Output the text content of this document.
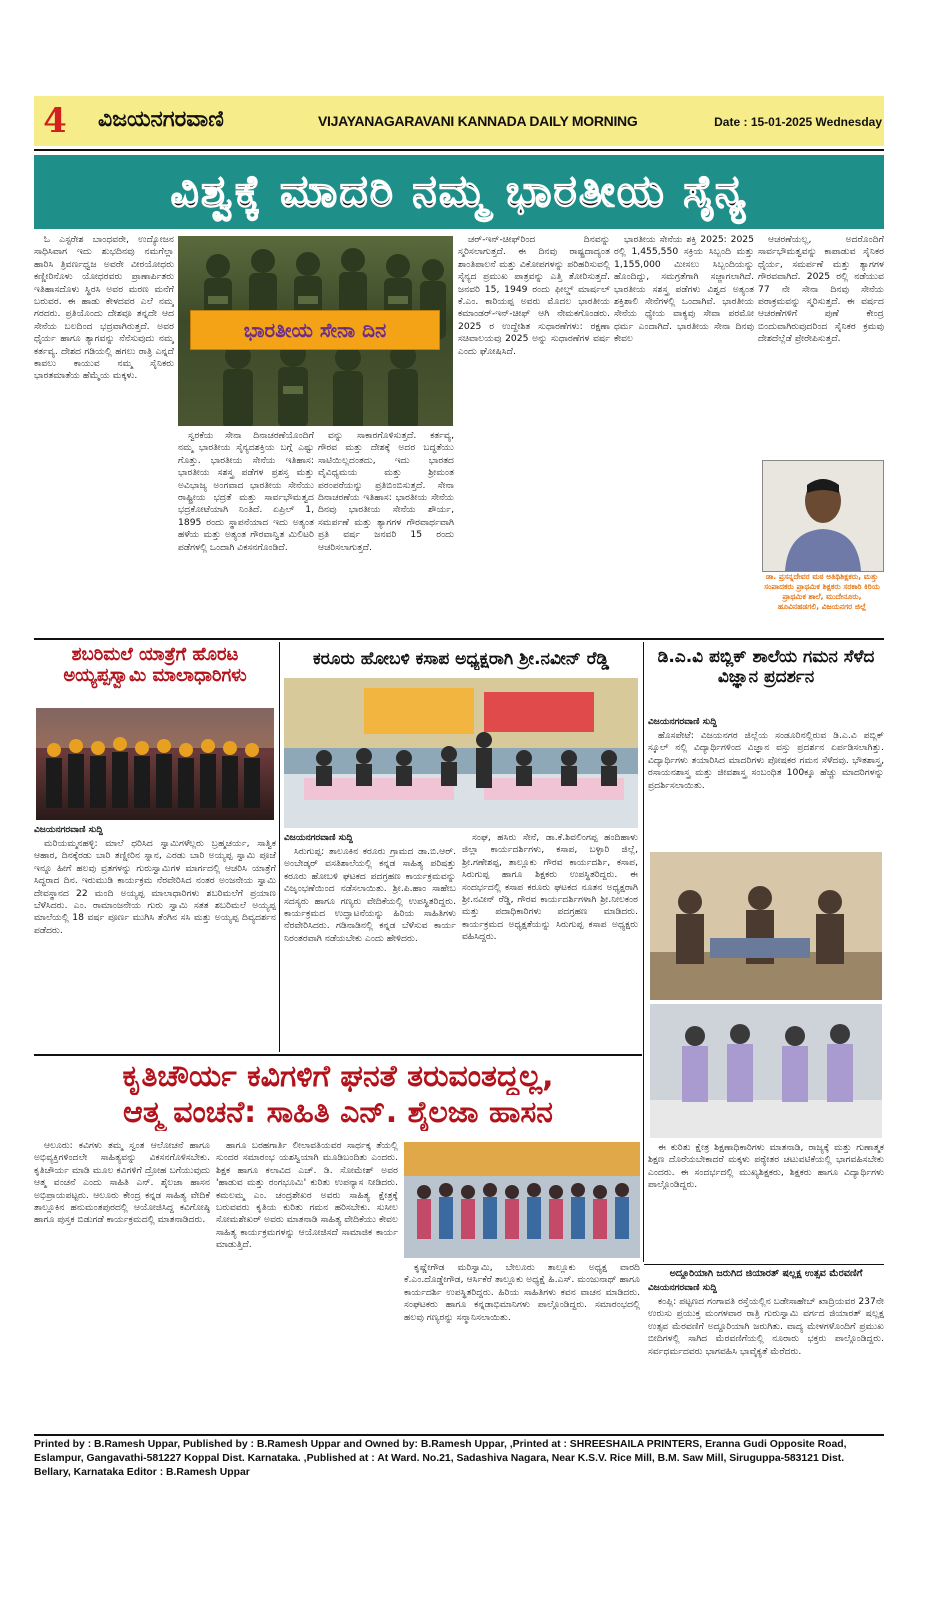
4	ವಿಜಯನಗರವಾಣಿ	VIJAYANAGARAVANI KANNADA DAILY MORNING	Date : 15-01-2025 Wednesday
ವಿಶ್ವಕ್ಕೆ ಮಾದರಿ ನಮ್ಮ ಭಾರತೀಯ ಸೈನ್ಯ

ಓ ಎಸ್ಟರೇಶ ಬಾಂಧವರೇ, ಉದ್ಯೋಜನ ಸಾಧಿಸಿವಾಗ ಇದು ಶುಭದಿನವು ನಮಗೆಲ್ಲಾ ಹಾರಿಸಿ ತ್ರಿವರ್ಣಧ್ವಜ ಅವರೇ ವೀರಯೋಧರು ಕಣ್ಣೀರಿನೊಳು ಯೋಧರವರು ಪ್ರಾಣಾರ್ಪಿತರು ಇತಿಹಾಸದೊಳು ಸ್ಥಿರಸಿ ಅವರ ಮರಣ ಮನೆಗೆ ಬರುವರ. ಈ ಹಾಡು ಕೇಳದವರ ಎಲೆ ನಮ್ಮ ಗರದರು. ಪ್ರತಿಯೊಂದು ದೇಶವೂ ತನ್ನದೇ ಆದ ಸೇನೆಯ ಬಲದಿಂದ ಭದ್ರವಾಗಿರುತ್ತದೆ. ಅವರ ಧೈರ್ಯ ಹಾಗೂ ತ್ಯಾಗವನ್ನು ನೆನೆಸುವುದು ನಮ್ಮ ಕರ್ತವ್ಯ. ದೇಶದ ಗಡಿಯಲ್ಲಿ ಹಗಲು ರಾತ್ರಿ ಎನ್ನದೆ ಕಾವಲು ಕಾಯುವ ನಮ್ಮ ಸೈನಿಕರು ಭಾರತಮಾತೆಯ ಹೆಮ್ಮೆಯ ಮಕ್ಕಳು.

ಭಾರತೀಯ ಸೇನಾ ದಿನ

ಸ್ವರಕೆಯ ಸೇನಾ ದಿನಾಚರಣೆಯೊಂದಿಗೆ ನಮ್ಮ ಭಾರತೀಯ ಸೈನ್ಯದಶಕ್ತಿಯ ಬಗ್ಗೆ ಎಷ್ಟು ಗೊತ್ತು. ಭಾರತೀಯ ಸೇನೆಯ ಇತಿಹಾಸ: ಭಾರತೀಯ ಸಶಸ್ತ್ರ ಪಡೆಗಳ ಪ್ರಶಸ್ತ ಮತ್ತು ಅವಿಭಾಜ್ಯ ಅಂಗವಾದ ಭಾರತೀಯ ಸೇನೆಯು ರಾಷ್ಟ್ರೀಯ ಭದ್ರತೆ ಮತ್ತು ಸಾರ್ವಭೌಮತ್ವದ ಭದ್ರಕೋಟೆಯಾಗಿ ನಿಂತಿದೆ. ಏಪ್ರಿಲ್ 1, 1895 ರಂದು ಸ್ಥಾಪನೆಯಾದ ಇದು ಅತ್ಯಂತ ಹಳೆಯ ಮತ್ತು ಅತ್ಯಂತ ಗೌರವಾನ್ವಿತ ಮಿಲಿಟರಿ ಪಡೆಗಳಲ್ಲಿ ಒಂದಾಗಿ ವಿಕಸನಗೊಂಡಿದೆ.

ವನ್ನು ಸಾಕಾರಗೊಳಿಸುತ್ತದೆ. ಕರ್ತವ್ಯ, ಗೌರವ ಮತ್ತು ದೇಶಕ್ಕೆ ಅದರ ಬದ್ಧತೆಯು ಸಾಟಿಯಿಲ್ಲದಂತದು, ಇದು ಭಾರತದ ವೈವಿಧ್ಯಮಯ ಮತ್ತು ಶ್ರೀಮಂತ ಪರಂಪರೆಯನ್ನು ಪ್ರತಿಬಿಂಬಿಸುತ್ತದೆ. ಸೇನಾ ದಿನಾಚರಣೆಯ ಇತಿಹಾಸ: ಭಾರತೀಯ ಸೇನೆಯ ದಿನವು ಭಾರತೀಯ ಸೇನೆಯ ಶೌರ್ಯ, ಸಮರ್ಪಣೆ ಮತ್ತು ತ್ಯಾಗಗಳ ಗೌರವಾರ್ಥವಾಗಿ ಪ್ರತಿ ವರ್ಷ ಜನವರಿ 15 ರಂದು ಆಚರಿಸಲಾಗುತ್ತದೆ.

ಚರ್-ಇನ್-ಚೀಫ್‌ರಿಂದ ದಿನವನ್ನು ಸ್ಮರಿಸಲಾಗುತ್ತದೆ. ಈ ದಿನವು ರಾಷ್ಟ್ರದಾದ್ಯಂತ ಶಾಂತಿಪಾಲನೆ ಮತ್ತು ವಿಕೋಪಗಳನ್ನು ಪರಿಹರಿಸುವಲ್ಲಿ ಸೈನ್ಯದ ಪ್ರಮುಖ ಪಾತ್ರವನ್ನು ಎತ್ತಿ ತೋರಿಸುತ್ತದೆ. ಜನವರಿ 15, 1949 ರಂದು ಫೀಲ್ಡ್ ಮಾರ್ಷಲ್ ಕೆ.ಎಂ. ಕಾರಿಯಪ್ಪ ಅವರು ಮೊದಲ ಭಾರತೀಯ ಕಮಾಂಡರ್-ಇನ್-ಚೀಫ್ ಆಗಿ ನೇಮಕಗೊಂಡರು. 2025 ರ ಉದ್ದೇಶಿತ ಸುಧಾರಣೆಗಳು: ರಕ್ಷಣಾ ಸಚಿವಾಲಯವು 2025 ಅನ್ನು ಸುಧಾರಣೆಗಳ ವರ್ಷ ಎಂದು ಘೋಷಿಸಿದೆ.

ಭಾರತೀಯ ಸೇನೆಯ ಶಕ್ತಿ 2025: 2025 ರಲ್ಲಿ 1,455,550 ಸಕ್ರಿಯ ಸಿಬ್ಬಂದಿ ಮತ್ತು 1,155,000 ಮೀಸಲು ಸಿಬ್ಬಂದಿಯನ್ನು ಹೊಂದಿದ್ದು, ಸಮಗ್ರತೆಗಾಗಿ ಸಜ್ಜಾಗಲಾಗಿದೆ. ಭಾರತೀಯ ಸಶಸ್ತ್ರ ಪಡೆಗಳು ವಿಶ್ವದ ಅತ್ಯಂತ ಶಕ್ತಿಶಾಲಿ ಸೇನೆಗಳಲ್ಲಿ ಒಂದಾಗಿವೆ. ಭಾರತೀಯ ಸೇನೆಯ ಧ್ಯೇಯ ವಾಕ್ಯವು ಸೇವಾ ಪರಮೋ ಧರ್ಮ ಎಂದಾಗಿದೆ. ಭಾರತೀಯ ಸೇನಾ ದಿನವು ಕೇವಲ

ಆಚರಣೆಯಲ್ಲ, ಅದರೊಂದಿಗೆ ಸಾರ್ವಭೌಮತ್ವವನ್ನು ಕಾಪಾಡುವ ಸೈನಿಕರ ಧೈರ್ಯ, ಸಮರ್ಪಣೆ ಮತ್ತು ತ್ಯಾಗಗಳ ಗೌರವವಾಗಿದೆ. 2025 ರಲ್ಲಿ ನಡೆಯುವ 77 ನೇ ಸೇನಾ ದಿನವು ಸೇನೆಯ ಪರಾಕ್ರಮವನ್ನು ಸ್ಮರಿಸುತ್ತದೆ. ಈ ವರ್ಷದ ಆಚರಣೆಗಳಿಗೆ ಪುಣೆ ಕೇಂದ್ರ ಬಿಂದುವಾಗಿರುವುದರಿಂದ ಸೈನಿಕರ ಕ್ರಮವು ದೇಶದೆಲ್ಲೆಡೆ ಪ್ರೇರೇಪಿಸುತ್ತದೆ.

ಡಾ. ಪ್ರಸನ್ನದೇವರ ಮಠ ಅತಿಥಿಶಿಕ್ಷಕರು, ಮತ್ತು ಸಂಪಾದಕರು ಪ್ರಾಥಮಿಕ ಶಿಕ್ಷಕರು ಸರಕಾರಿ ಕಿರಿಯ ಪ್ರಾಥಮಿಕ ಶಾಲೆ, ಮುದೇನೂರು, ಹೂವಿನಹಡಗಲಿ, ವಿಜಯನಗರ ಜಿಲ್ಲೆ
ಶಬರಿಮಲೆ ಯಾತ್ರೆಗೆ ಹೊರಟ ಅಯ್ಯಪ್ಪಸ್ವಾಮಿ ಮಾಲಾಧಾರಿಗಳು
ವಿಜಯನಗರವಾಣಿ ಸುದ್ದಿ

ಮರಿಯಮ್ಮನಹಳ್ಳಿ: ಮಾಲೆ ಧರಿಸಿದ ಸ್ವಾಮಿಗಳೆಲ್ಲರು ಬ್ರಹ್ಮಚರ್ಯ, ಸಾತ್ವಿಕ ಆಹಾರ, ದಿನಕ್ಕೆರಡು ಬಾರಿ ತಣ್ಣೀರಿನ ಸ್ನಾನ, ಎರಡು ಬಾರಿ ಅಯ್ಯಪ್ಪ ಸ್ವಾಮಿ ಪೂಜೆ ಇನ್ನೂ ಹೀಗೆ ಹಲವು ವ್ರತಗಳನ್ನು ಗುರುಸ್ವಾಮಿಗಳ ಮಾರ್ಗದಲ್ಲಿ ಆಚರಿಸಿ ಯಾತ್ರೆಗೆ ಸಿದ್ಧರಾದ ದಿನ. ಇರುಮುಡಿ ಕಾರ್ಯಕ್ರಮ ನೆರವೇರಿಸಿದ ನಂತರ ಅಂಜನೇಯ ಸ್ವಾಮಿ ದೇವಸ್ಥಾನದ 22 ಮಂದಿ ಅಯ್ಯಪ್ಪ ಮಾಲಾಧಾರಿಗಳು ಶಬರಿಮಲೆಗೆ ಪ್ರಯಾಣ ಬೆಳೆಸಿದರು. ಎಂ. ರಾಮಾಂಜನೇಯ ಗುರು ಸ್ವಾಮಿ ಸತತ ಶಬರಿಮಲೆ ಅಯ್ಯಪ್ಪ ಮಾಲೆಯಲ್ಲಿ 18 ವರ್ಷ ಪೂರ್ಣ ಮುಗಿಸಿ ತೆಂಗಿನ ಸಸಿ ಮತ್ತು ಅಯ್ಯಪ್ಪ ದಿವ್ಯದರ್ಶನ ಪಡೆದರು.

ಕರೂರು ಹೋಬಳಿ ಕಸಾಪ ಅಧ್ಯಕ್ಷರಾಗಿ ಶ್ರೀ.ನವೀನ್ ರೆಡ್ಡಿ
ವಿಜಯನಗರವಾಣಿ ಸುದ್ದಿ

ಸಿರುಗುಪ್ಪ: ತಾಲೂಕಿನ ಕರೂರು ಗ್ರಾಮದ ಡಾ.ಬಿ.ಆರ್. ಅಂಬೇಡ್ಕರ್ ವಸತಿಶಾಲೆಯಲ್ಲಿ ಕನ್ನಡ ಸಾಹಿತ್ಯ ಪರಿಷತ್ತು ಕರೂರು ಹೋಬಳಿ ಘಟಕದ ಪದಗ್ರಹಣ ಕಾರ್ಯಕ್ರಮವನ್ನು ವಿಜೃಂಭಣೆಯಿಂದ ನಡೆಸಲಾಯಿತು. ಶ್ರೀ.ಪಿ.ಹಾಂ ಸಾಹೇಬ ಸದಸ್ಯರು ಹಾಗೂ ಗಣ್ಯರು ವೇದಿಕೆಯಲ್ಲಿ ಉಪಸ್ಥಿತರಿದ್ದರು. ಕಾರ್ಯಕ್ರಮದ ಉದ್ಘಾಟನೆಯನ್ನು ಹಿರಿಯ ಸಾಹಿತಿಗಳು ನೆರವೇರಿಸಿದರು. ಗಡಿನಾಡಿನಲ್ಲಿ ಕನ್ನಡ ಬೆಳೆಸುವ ಕಾರ್ಯ ನಿರಂತರವಾಗಿ ನಡೆಯಬೇಕು ಎಂದು ಹೇಳಿದರು.

ಸಂಘ, ಹಸಿರು ಸೇನೆ, ಡಾ.ಕೆ.ಶಿವಲಿಂಗಪ್ಪ ಹಂದಿಹಾಳು ಜಿಲ್ಲಾ ಕಾರ್ಯದರ್ಶಿಗಳು, ಕಸಾಪ, ಬಳ್ಳಾರಿ ಜಿಲ್ಲೆ, ಶ್ರೀ.ಗಣೇಶಪ್ಪ, ತಾಲ್ಲೂಕು ಗೌರವ ಕಾರ್ಯದರ್ಶಿ, ಕಸಾಪ, ಸಿರುಗುಪ್ಪ ಹಾಗೂ ಶಿಕ್ಷಕರು ಉಪಸ್ಥಿತರಿದ್ದರು. ಈ ಸಂದರ್ಭದಲ್ಲಿ ಕಸಾಪ ಕರೂರು ಘಟಕದ ನೂತನ ಅಧ್ಯಕ್ಷರಾಗಿ ಶ್ರೀ.ನವೀನ್ ರೆಡ್ಡಿ, ಗೌರವ ಕಾರ್ಯದರ್ಶಿಗಳಾಗಿ ಶ್ರೀ.ನೀಲಕಂಠ ಮತ್ತು ಪದಾಧಿಕಾರಿಗಳು ಪದಗ್ರಹಣ ಮಾಡಿದರು. ಕಾರ್ಯಕ್ರಮದ ಅಧ್ಯಕ್ಷತೆಯನ್ನು ಸಿರುಗುಪ್ಪ ಕಸಾಪ ಅಧ್ಯಕ್ಷರು ವಹಿಸಿದ್ದರು.

ಡಿ.ಎ.ವಿ ಪಬ್ಲಿಕ್ ಶಾಲೆಯ ಗಮನ ಸೆಳೆದ ವಿಜ್ಞಾನ ಪ್ರದರ್ಶನ
ವಿಜಯನಗರವಾಣಿ ಸುದ್ದಿ

ಹೊಸಪೇಟೆ: ವಿಜಯನಗರ ಜಿಲ್ಲೆಯ ಸಂಡೂರಿನಲ್ಲಿರುವ ಡಿ.ಎ.ವಿ ಪಬ್ಲಿಕ್ ಸ್ಕೂಲ್ ನಲ್ಲಿ ವಿದ್ಯಾರ್ಥಿಗಳಿಂದ ವಿಜ್ಞಾನ ವಸ್ತು ಪ್ರದರ್ಶನ ಏರ್ಪಡಿಸಲಾಗಿತ್ತು. ವಿದ್ಯಾರ್ಥಿಗಳು ತಯಾರಿಸಿದ ಮಾದರಿಗಳು ಪೋಷಕರ ಗಮನ ಸೆಳೆದವು. ಭೌತಶಾಸ್ತ್ರ, ರಸಾಯನಶಾಸ್ತ್ರ ಮತ್ತು ಜೀವಶಾಸ್ತ್ರ ಸಂಬಂಧಿತ 100ಕ್ಕೂ ಹೆಚ್ಚು ಮಾದರಿಗಳನ್ನು ಪ್ರದರ್ಶಿಸಲಾಯಿತು.

ಈ ಕುರಿತು ಕ್ಷೇತ್ರ ಶಿಕ್ಷಣಾಧಿಕಾರಿಗಳು ಮಾತನಾಡಿ, ರಾಜ್ಯಕ್ಕೆ ಮತ್ತು ಗುಣಾತ್ಮಕ ಶಿಕ್ಷಣ ದೊರೆಯಬೇಕಾದರೆ ಮಕ್ಕಳು ಪಠ್ಯೇತರ ಚಟುವಟಿಕೆಯಲ್ಲಿ ಭಾಗವಹಿಸಬೇಕು ಎಂದರು. ಈ ಸಂದರ್ಭದಲ್ಲಿ ಮುಖ್ಯಶಿಕ್ಷಕರು, ಶಿಕ್ಷಕರು ಹಾಗೂ ವಿದ್ಯಾರ್ಥಿಗಳು ಪಾಲ್ಗೊಂಡಿದ್ದರು.

ಕೃತಿಚೌರ್ಯ ಕವಿಗಳಿಗೆ ಘನತೆ ತರುವಂತದ್ದಲ್ಲ,
ಆತ್ಮ ವಂಚನೆ: ಸಾಹಿತಿ ಎನ್. ಶೈಲಜಾ ಹಾಸನ

ಆಲೂರು: ಕವಿಗಳು ತಮ್ಮ ಸ್ವಂತ ಆಲೋಚನೆ ಹಾಗೂ ಅಭಿವ್ಯಕ್ತಿಗಳಿಂದಲೇ ಸಾಹಿತ್ಯವನ್ನು ವಿಕಸನಗೊಳಿಸಬೇಕು. ಕೃತಿಚೌರ್ಯ ಮಾಡಿ ಮೂಲ ಕವಿಗಳಿಗೆ ದ್ರೋಹ ಬಗೆಯುವುದು ಆತ್ಮ ವಂಚನೆ ಎಂದು ಸಾಹಿತಿ ಎನ್. ಶೈಲಜಾ ಹಾಸನ ಅಭಿಪ್ರಾಯಪಟ್ಟರು. ಆಲೂರು ಕೇಂದ್ರ ಕನ್ನಡ ಸಾಹಿತ್ಯ ವೇದಿಕೆ ತಾಲ್ಲೂಕಿನ ಹನುಮಂತಪುರದಲ್ಲಿ ಆಯೋಜಿಸಿದ್ದ ಕವಿಗೋಷ್ಠಿ ಹಾಗೂ ಪುಸ್ತಕ ಬಿಡುಗಡೆ ಕಾರ್ಯಕ್ರಮದಲ್ಲಿ ಮಾತನಾಡಿದರು.

ಹಾಗೂ ಬರಹಗಾರ್ತಿ ಲೀಲಾವತಿಯವರ ಸಾರ್ಥಕ್ಕ ತೆಯಲ್ಲಿ ಸುಂದರ ಸಮಾರಂಭ ಯಶಸ್ವಿಯಾಗಿ ಮೂಡಿಬಂದಿತು ಎಂದರು. ಶಿಕ್ಷಕ ಹಾಗೂ ಕಲಾವಿದ ಎಚ್. ಡಿ. ಸೋಮೇಶ್ ಅವರ 'ಹಾಡುವ ಮತ್ತು ರಂಗಭೂಮಿ' ಕುರಿತು ಉಪನ್ಯಾಸ ನೀಡಿದರು. ಕಮಲಮ್ಮ ಎಂ. ಚಂದ್ರಶೇಖರ ಅವರು ಸಾಹಿತ್ಯ ಕ್ಷೇತ್ರಕ್ಕೆ ಬರುವವರು ಕೃತಿಯ ಕುರಿತು ಗಮನ ಹರಿಸಬೇಕು. ಸುಸೀಲ ಸೋಮಶೇಖರ್ ಅವರು ಮಾತನಾಡಿ ಸಾಹಿತ್ಯ ವೇದಿಕೆಯು ಕೇವಲ ಸಾಹಿತ್ಯ ಕಾರ್ಯಕ್ರಮಗಳನ್ನು ಆಯೋಜಿಸದೆ ಸಾಮಾಜಿಕ ಕಾರ್ಯ ಮಾಡುತ್ತಿದೆ.

ಕೃಷ್ಣೇಗೌಡ ಮರಿಸ್ವಾಮಿ, ಬೇಲೂರು ತಾಲ್ಲೂಕು ಅಧ್ಯಕ್ಷ ವಾರದಿ ಕೆ.ಎಂ.ದೊಡ್ಡೇಗೌಡ, ಆರ್ಸಿಕೆರೆ ತಾಲ್ಲೂಕು ಅಧ್ಯಕ್ಷೆ ಹಿ.ಎಸ್. ಮಂಜುನಾಥ್ ಹಾಗೂ ಕಾರ್ಯದರ್ಶಿ ಉಪಸ್ಥಿತರಿದ್ದರು. ಹಿರಿಯ ಸಾಹಿತಿಗಳು ಕವನ ವಾಚನ ಮಾಡಿದರು. ಸಂಘಟಕರು ಹಾಗೂ ಕನ್ನಡಾಭಿಮಾನಿಗಳು ಪಾಲ್ಗೊಂಡಿದ್ದರು. ಸಮಾರಂಭದಲ್ಲಿ ಹಲವು ಗಣ್ಯರನ್ನು ಸನ್ಮಾನಿಸಲಾಯಿತು.

ಅದ್ದೂರಿಯಾಗಿ ಜರುಗಿದ ಜಿಯಾರತ್ ಷಲ್ಲಕ್ಷ ಉತ್ಸವ ಮೆರವಣಿಗೆ
ವಿಜಯನಗರವಾಣಿ ಸುದ್ದಿ

ಕಂಪ್ಲಿ: ಪಟ್ಟಣದ ಗಂಗಾವತಿ ರಸ್ತೆಯಲ್ಲಿನ ಬಡೇಸಾಹೇಬ್ ಖಾದ್ರಿಯವರ 237ನೇ ಉರುಸು ಪ್ರಯುಕ್ತ ಮಂಗಳವಾರ ರಾತ್ರಿ ಗುರುಸ್ವಾಮಿ ವರ್ಗದ ಜಿಯಾರತ್ ಷಲ್ಲಕ್ಷ ಉತ್ಸವ ಮೆರವಣಿಗೆ ಅದ್ದೂರಿಯಾಗಿ ಜರುಗಿತು. ವಾದ್ಯ ಮೇಳಗಳೊಂದಿಗೆ ಪ್ರಮುಖ ಬೀದಿಗಳಲ್ಲಿ ಸಾಗಿದ ಮೆರವಣಿಗೆಯಲ್ಲಿ ನೂರಾರು ಭಕ್ತರು ಪಾಲ್ಗೊಂಡಿದ್ದರು. ಸರ್ವಧರ್ಮದವರು ಭಾಗವಹಿಸಿ ಭಾವೈಕ್ಯತೆ ಮೆರೆದರು.

Printed by : B.Ramesh Uppar, Published by : B.Ramesh Uppar and Owned by: B.Ramesh Uppar, ,Printed at : SHREESHAILA PRINTERS, Eranna Gudi Opposite Road,
Eslampur, Gangavathi-581227 Koppal Dist. Karnataka. ,Published at : At Ward. No.21, Sadashiva Nagara, Near K.S.V. Rice Mill, B.M. Saw Mill, Siruguppa-583121 Dist.
Bellary, Karnataka Editor : B.Ramesh Uppar
